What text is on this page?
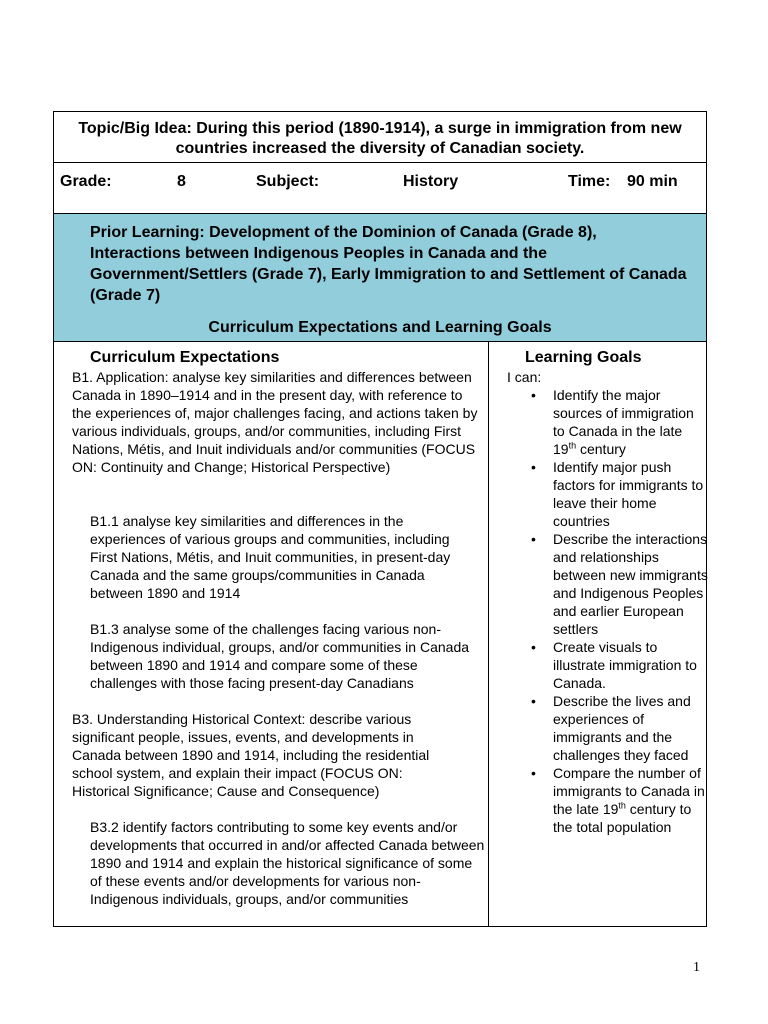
Topic/Big Idea: During this period (1890-1914), a surge in immigration from new countries increased the diversity of Canadian society.
Grade:	8	Subject:	History	Time: 90 min
Prior Learning: Development of the Dominion of Canada (Grade 8), Interactions between Indigenous Peoples in Canada and the Government/Settlers (Grade 7), Early Immigration to and Settlement of Canada (Grade 7)
Curriculum Expectations and Learning Goals
Curriculum Expectations
B1. Application: analyse key similarities and differences between Canada in 1890–1914 and in the present day, with reference to the experiences of, major challenges facing, and actions taken by various individuals, groups, and/or communities, including First Nations, Métis, and Inuit individuals and/or communities (FOCUS ON: Continuity and Change; Historical Perspective)
B1.1 analyse key similarities and differences in the experiences of various groups and communities, including First Nations, Métis, and Inuit communities, in present-day Canada and the same groups/communities in Canada between 1890 and 1914
B1.3 analyse some of the challenges facing various non-Indigenous individual, groups, and/or communities in Canada between 1890 and 1914 and compare some of these challenges with those facing present-day Canadians
B3. Understanding Historical Context: describe various significant people, issues, events, and developments in Canada between 1890 and 1914, including the residential school system, and explain their impact (FOCUS ON: Historical Significance; Cause and Consequence)
B3.2 identify factors contributing to some key events and/or developments that occurred in and/or affected Canada between 1890 and 1914 and explain the historical significance of some of these events and/or developments for various non-Indigenous individuals, groups, and/or communities
Learning Goals
I can:
• Identify the major sources of immigration to Canada in the late 19th century
• Identify major push factors for immigrants to leave their home countries
• Describe the interactions and relationships between new immigrants and Indigenous Peoples and earlier European settlers
• Create visuals to illustrate immigration to Canada.
• Describe the lives and experiences of immigrants and the challenges they faced
• Compare the number of immigrants to Canada in the late 19th century to the total population
1
